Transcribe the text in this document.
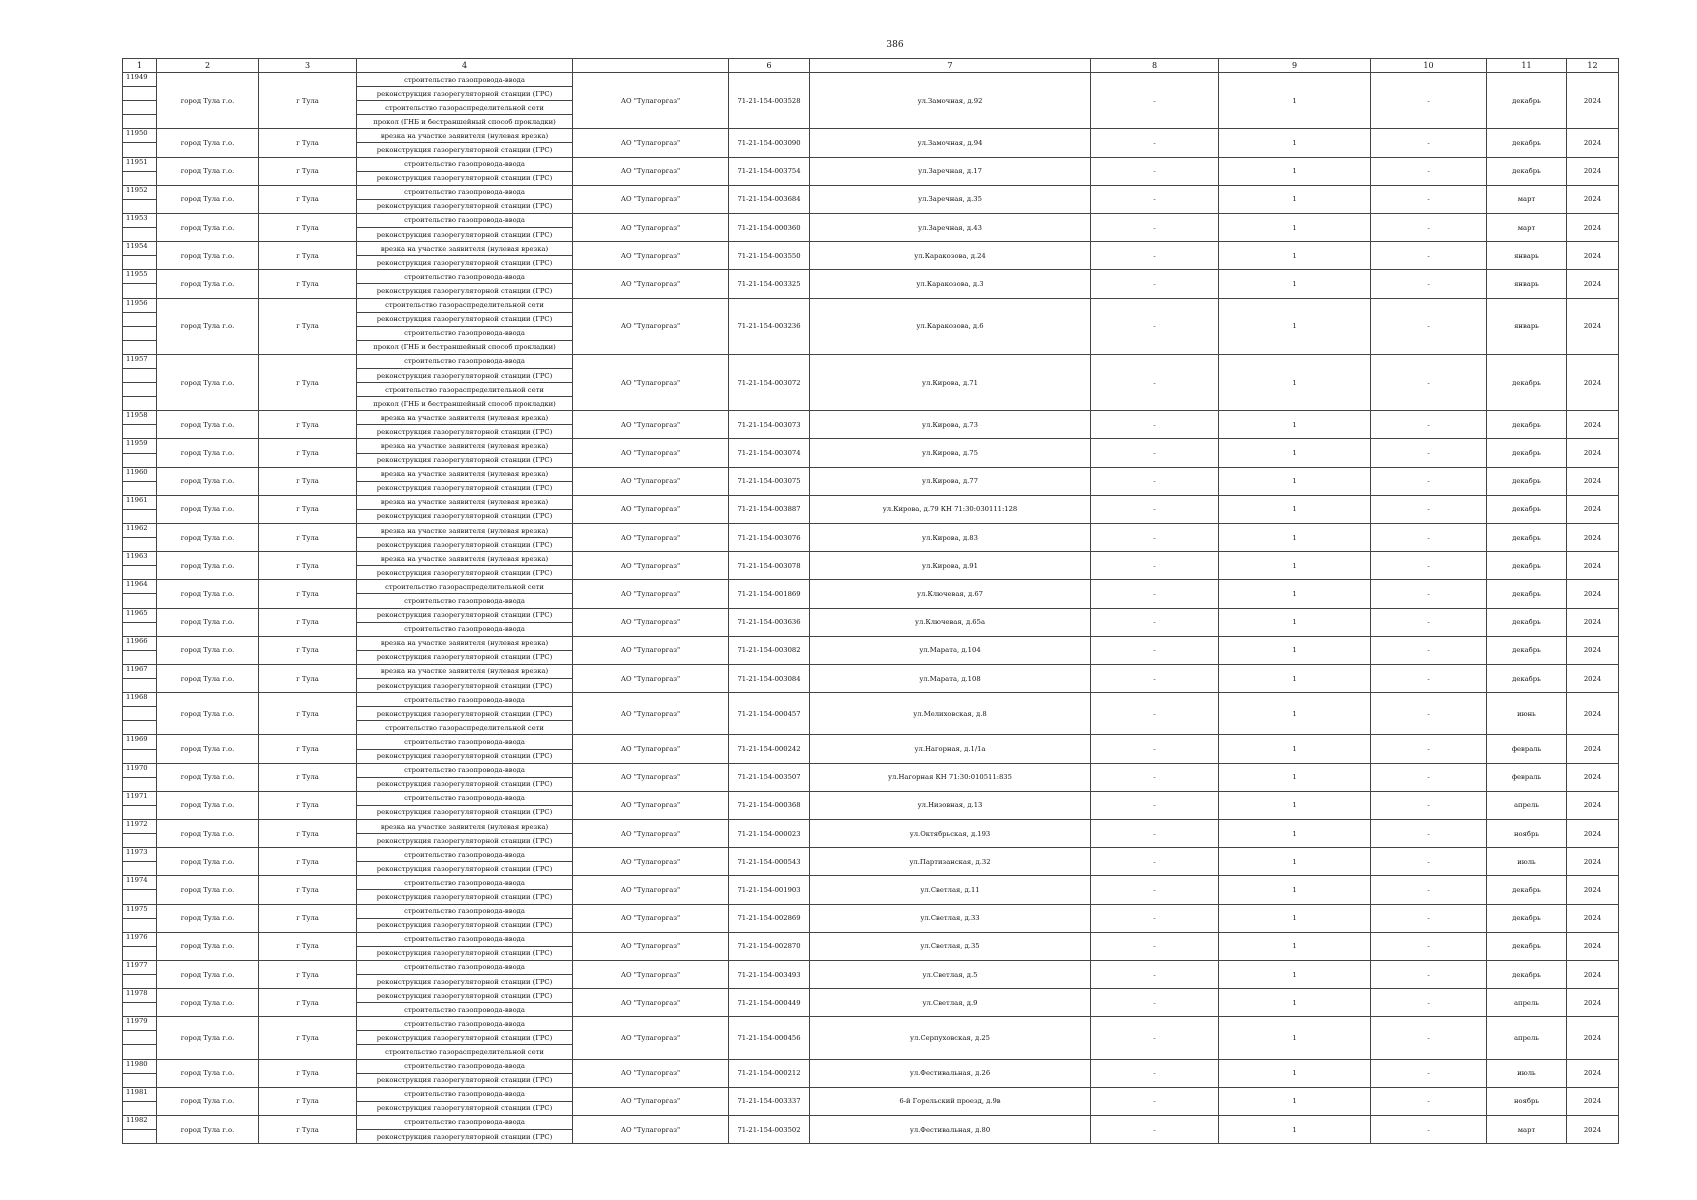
386
1	2	3	4		6	7	8	9	10	11	12
11949	город Тула г.о.	г Тула	строительство газопровода-ввода	АО "Тулагоргаз"	71-21-154-003528	ул.Замочная, д.92	-	1	-	декабрь	2024
			реконструкция газорегуляторной станции (ГРС)								
			строительство газораспределительной сети								
			прокол (ГНБ и бестраншейный способ прокладки)								
11950	город Тула г.о.	г Тула	врезка на участке заявителя (нулевая врезка)	АО "Тулагоргаз"	71-21-154-003090	ул.Замочная, д.94	-	1	-	декабрь	2024
			реконструкция газорегуляторной станции (ГРС)								
11951	город Тула г.о.	г Тула	строительство газопровода-ввода	АО "Тулагоргаз"	71-21-154-003754	ул.Заречная, д.17	-	1	-	декабрь	2024
			реконструкция газорегуляторной станции (ГРС)								
11952	город Тула г.о.	г Тула	строительство газопровода-ввода	АО "Тулагоргаз"	71-21-154-003684	ул.Заречная, д.35	-	1	-	март	2024
			реконструкция газорегуляторной станции (ГРС)								
11953	город Тула г.о.	г Тула	строительство газопровода-ввода	АО "Тулагоргаз"	71-21-154-000360	ул.Заречная, д.43	-	1	-	март	2024
			реконструкция газорегуляторной станции (ГРС)								
11954	город Тула г.о.	г Тула	врезка на участке заявителя (нулевая врезка)	АО "Тулагоргаз"	71-21-154-003550	ул.Каракозова, д.24	-	1	-	январь	2024
			реконструкция газорегуляторной станции (ГРС)								
11955	город Тула г.о.	г Тула	строительство газопровода-ввода	АО "Тулагоргаз"	71-21-154-003325	ул.Каракозова, д.3	-	1	-	январь	2024
			реконструкция газорегуляторной станции (ГРС)								
11956	город Тула г.о.	г Тула	строительство газораспределительной сети	АО "Тулагоргаз"	71-21-154-003236	ул.Каракозова, д.6	-	1	-	январь	2024
			реконструкция газорегуляторной станции (ГРС)								
			строительство газопровода-ввода								
			прокол (ГНБ и бестраншейный способ прокладки)								
11957	город Тула г.о.	г Тула	строительство газопровода-ввода	АО "Тулагоргаз"	71-21-154-003072	ул.Кирова, д.71	-	1	-	декабрь	2024
			реконструкция газорегуляторной станции (ГРС)								
			строительство газораспределительной сети								
			прокол (ГНБ и бестраншейный способ прокладки)								
11958	город Тула г.о.	г Тула	врезка на участке заявителя (нулевая врезка)	АО "Тулагоргаз"	71-21-154-003073	ул.Кирова, д.73	-	1	-	декабрь	2024
			реконструкция газорегуляторной станции (ГРС)								
11959	город Тула г.о.	г Тула	врезка на участке заявителя (нулевая врезка)	АО "Тулагоргаз"	71-21-154-003074	ул.Кирова, д.75	-	1	-	декабрь	2024
			реконструкция газорегуляторной станции (ГРС)								
11960	город Тула г.о.	г Тула	врезка на участке заявителя (нулевая врезка)	АО "Тулагоргаз"	71-21-154-003075	ул.Кирова, д.77	-	1	-	декабрь	2024
			реконструкция газорегуляторной станции (ГРС)								
11961	город Тула г.о.	г Тула	врезка на участке заявителя (нулевая врезка)	АО "Тулагоргаз"	71-21-154-003887	ул.Кирова, д.79 КН 71:30:030111:128	-	1	-	декабрь	2024
			реконструкция газорегуляторной станции (ГРС)								
11962	город Тула г.о.	г Тула	врезка на участке заявителя (нулевая врезка)	АО "Тулагоргаз"	71-21-154-003076	ул.Кирова, д.83	-	1	-	декабрь	2024
			реконструкция газорегуляторной станции (ГРС)								
11963	город Тула г.о.	г Тула	врезка на участке заявителя (нулевая врезка)	АО "Тулагоргаз"	71-21-154-003078	ул.Кирова, д.91	-	1	-	декабрь	2024
			реконструкция газорегуляторной станции (ГРС)								
11964	город Тула г.о.	г Тула	строительство газораспределительной сети	АО "Тулагоргаз"	71-21-154-001869	ул.Ключевая, д.67	-	1	-	декабрь	2024
			строительство газопровода-ввода								
11965	город Тула г.о.	г Тула	реконструкция газорегуляторной станции (ГРС)	АО "Тулагоргаз"	71-21-154-003636	ул.Ключевая, д.65а	-	1	-	декабрь	2024
			строительство газопровода-ввода								
11966	город Тула г.о.	г Тула	врезка на участке заявителя (нулевая врезка)	АО "Тулагоргаз"	71-21-154-003082	ул.Марата, д.104	-	1	-	декабрь	2024
			реконструкция газорегуляторной станции (ГРС)								
11967	город Тула г.о.	г Тула	врезка на участке заявителя (нулевая врезка)	АО "Тулагоргаз"	71-21-154-003084	ул.Марата, д.108	-	1	-	декабрь	2024
			реконструкция газорегуляторной станции (ГРС)								
11968	город Тула г.о.	г Тула	строительство газопровода-ввода	АО "Тулагоргаз"	71-21-154-000457	ул.Мелиховская, д.8	-	1	-	июнь	2024
			реконструкция газорегуляторной станции (ГРС)								
			строительство газораспределительной сети								
11969	город Тула г.о.	г Тула	строительство газопровода-ввода	АО "Тулагоргаз"	71-21-154-000242	ул.Нагорная, д.1/1а	-	1	-	февраль	2024
			реконструкция газорегуляторной станции (ГРС)								
11970	город Тула г.о.	г Тула	строительство газопровода-ввода	АО "Тулагоргаз"	71-21-154-003507	ул.Нагорная КН 71:30:010511:835	-	1	-	февраль	2024
			реконструкция газорегуляторной станции (ГРС)								
11971	город Тула г.о.	г Тула	строительство газопровода-ввода	АО "Тулагоргаз"	71-21-154-000368	ул.Низовная, д.13	-	1	-	апрель	2024
			реконструкция газорегуляторной станции (ГРС)								
11972	город Тула г.о.	г Тула	врезка на участке заявителя (нулевая врезка)	АО "Тулагоргаз"	71-21-154-000023	ул.Октябрьская, д.193	-	1	-	ноябрь	2024
			реконструкция газорегуляторной станции (ГРС)								
11973	город Тула г.о.	г Тула	строительство газопровода-ввода	АО "Тулагоргаз"	71-21-154-000543	ул.Партизанская, д.32	-	1	-	июль	2024
			реконструкция газорегуляторной станции (ГРС)								
11974	город Тула г.о.	г Тула	строительство газопровода-ввода	АО "Тулагоргаз"	71-21-154-001903	ул.Светлая, д.11	-	1	-	декабрь	2024
			реконструкция газорегуляторной станции (ГРС)								
11975	город Тула г.о.	г Тула	строительство газопровода-ввода	АО "Тулагоргаз"	71-21-154-002869	ул.Светлая, д.33	-	1	-	декабрь	2024
			реконструкция газорегуляторной станции (ГРС)								
11976	город Тула г.о.	г Тула	строительство газопровода-ввода	АО "Тулагоргаз"	71-21-154-002870	ул.Светлая, д.35	-	1	-	декабрь	2024
			реконструкция газорегуляторной станции (ГРС)								
11977	город Тула г.о.	г Тула	строительство газопровода-ввода	АО "Тулагоргаз"	71-21-154-003493	ул.Светлая, д.5	-	1	-	декабрь	2024
			реконструкция газорегуляторной станции (ГРС)								
11978	город Тула г.о.	г Тула	реконструкция газорегуляторной станции (ГРС)	АО "Тулагоргаз"	71-21-154-000449	ул.Светлая, д.9	-	1	-	апрель	2024
			строительство газопровода-ввода								
11979	город Тула г.о.	г Тула	строительство газопровода-ввода	АО "Тулагоргаз"	71-21-154-000456	ул.Серпуховская, д.25	-	1	-	апрель	2024
			реконструкция газорегуляторной станции (ГРС)								
			строительство газораспределительной сети								
11980	город Тула г.о.	г Тула	строительство газопровода-ввода	АО "Тулагоргаз"	71-21-154-000212	ул.Фестивальная, д.26	-	1	-	июль	2024
			реконструкция газорегуляторной станции (ГРС)								
11981	город Тула г.о.	г Тула	строительство газопровода-ввода	АО "Тулагоргаз"	71-21-154-003337	6-й Горельский проезд, д.9в	-	1	-	ноябрь	2024
			реконструкция газорегуляторной станции (ГРС)								
11982	город Тула г.о.	г Тула	строительство газопровода-ввода	АО "Тулагоргаз"	71-21-154-003502	ул.Фестивальная, д.80	-	1	-	март	2024
			реконструкция газорегуляторной станции (ГРС)								
